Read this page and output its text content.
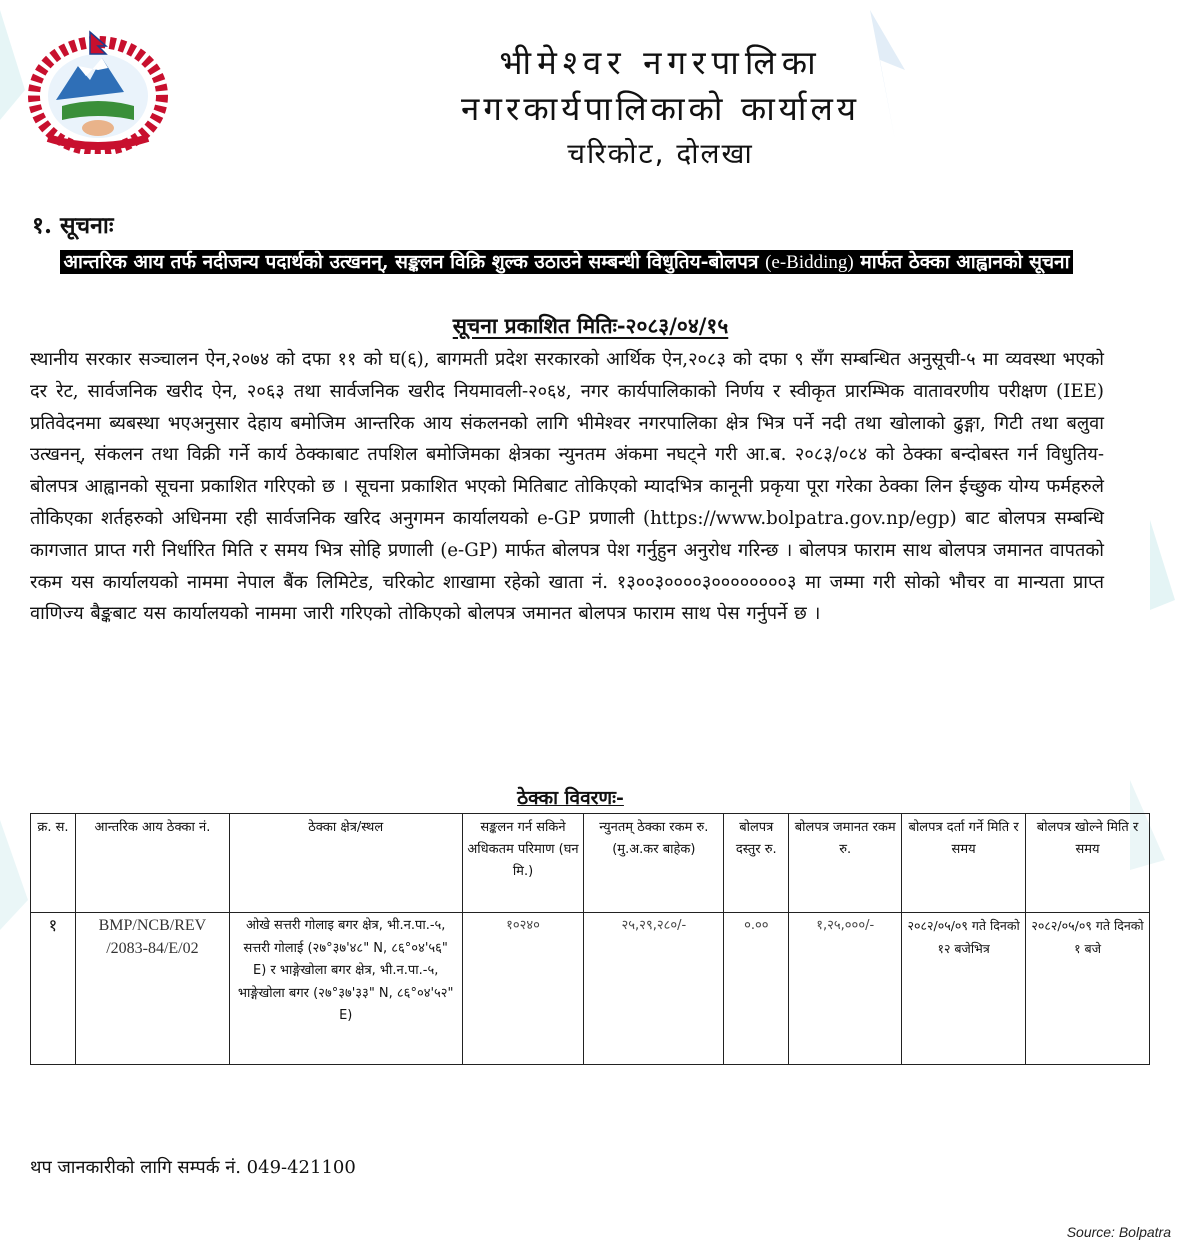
भीमेश्वर नगरपालिका
नगरकार्यपालिकाको कार्यालय
चरिकोट, दोलखा
१. सूचनाः
आन्तरिक आय तर्फ नदीजन्य पदार्थको उत्खनन्, सङ्कलन विक्रि शुल्क उठाउने सम्बन्धी विधुतिय-बोलपत्र (e-Bidding) मार्फत ठेक्का आह्वानको सूचना
सूचना प्रकाशित मितिः-२०८३/०४/१५
स्थानीय सरकार सञ्चालन ऐन,२०७४ को दफा ११ को घ(६), बागमती प्रदेश सरकारको आर्थिक ऐन,२०८३ को दफा ९ सँग सम्बन्धित अनुसूची-५ मा व्यवस्था भएको दर रेट, सार्वजनिक खरीद ऐन, २०६३ तथा सार्वजनिक खरीद नियमावली-२०६४, नगर कार्यपालिकाको निर्णय र स्वीकृत प्रारम्भिक वातावरणीय परीक्षण (IEE) प्रतिवेदनमा ब्यबस्था भएअनुसार देहाय बमोजिम आन्तरिक आय संकलनको लागि भीमेश्वर नगरपालिका क्षेत्र भित्र पर्ने नदी तथा खोलाको ढुङ्गा, गिटी तथा बलुवा उत्खनन्, संकलन तथा विक्री गर्ने कार्य ठेक्काबाट तपशिल बमोजिमका क्षेत्रका न्युनतम अंकमा नघट्ने गरी आ.ब. २०८३/०८४ को ठेक्का बन्दोबस्त गर्न विधुतिय-बोलपत्र आह्वानको सूचना प्रकाशित गरिएको छ । सूचना प्रकाशित भएको मितिबाट तोकिएको म्यादभित्र कानूनी प्रकृया पूरा गरेका ठेक्का लिन ईच्छुक योग्य फर्महरुले तोकिएका शर्तहरुको अधिनमा रही सार्वजनिक खरिद अनुगमन कार्यालयको e-GP प्रणाली (https://www.bolpatra.gov.np/egp) बाट बोलपत्र सम्बन्धि कागजात प्राप्त गरी निर्धारित मिति र समय भित्र सोहि प्रणाली (e-GP) मार्फत बोलपत्र पेश गर्नुहुन अनुरोध गरिन्छ । बोलपत्र फाराम साथ बोलपत्र जमानत वापतको रकम यस कार्यालयको नाममा नेपाल बैंक लिमिटेड, चरिकोट शाखामा रहेको खाता नं. १३००३००००३००००००००३ मा जम्मा गरी सोको भौचर वा मान्यता प्राप्त वाणिज्य बैङ्कबाट यस कार्यालयको नाममा जारी गरिएको तोकिएको बोलपत्र जमानत बोलपत्र फाराम साथ पेस गर्नुपर्ने छ ।
ठेक्का विवरणः-
क्र. स.	आन्तरिक आय ठेक्का नं.	ठेक्का क्षेत्र/स्थल	सङ्कलन गर्न सकिने अधिकतम परिमाण (घन मि.)	न्युनतम् ठेक्का रकम रु. (मु.अ.कर बाहेक)	बोलपत्र दस्तुर रु.	बोलपत्र जमानत रकम रु.	बोलपत्र दर्ता गर्ने मिति र समय	बोलपत्र खोल्ने मिति र समय
१	BMP/NCB/REV /2083-84/E/02	ओखे सत्तरी गोलाइ बगर क्षेत्र, भी.न.पा.-५, सत्तरी गोलाई (२७°३७'४८" N, ८६°०४'५६" E) र भाङ्गेखोला बगर क्षेत्र, भी.न.पा.-५, भाङ्गेखोला बगर (२७°३७'३३" N, ८६°०४'५२" E)	१०२४०	२५,२९,२८०/-	०.००	१,२५,०००/-	२०८२/०५/०९ गते दिनको १२ बजेभित्र	२०८२/०५/०९ गते दिनको १ बजे
थप जानकारीको लागि सम्पर्क नं. 049-421100
Source: Bolpatra
